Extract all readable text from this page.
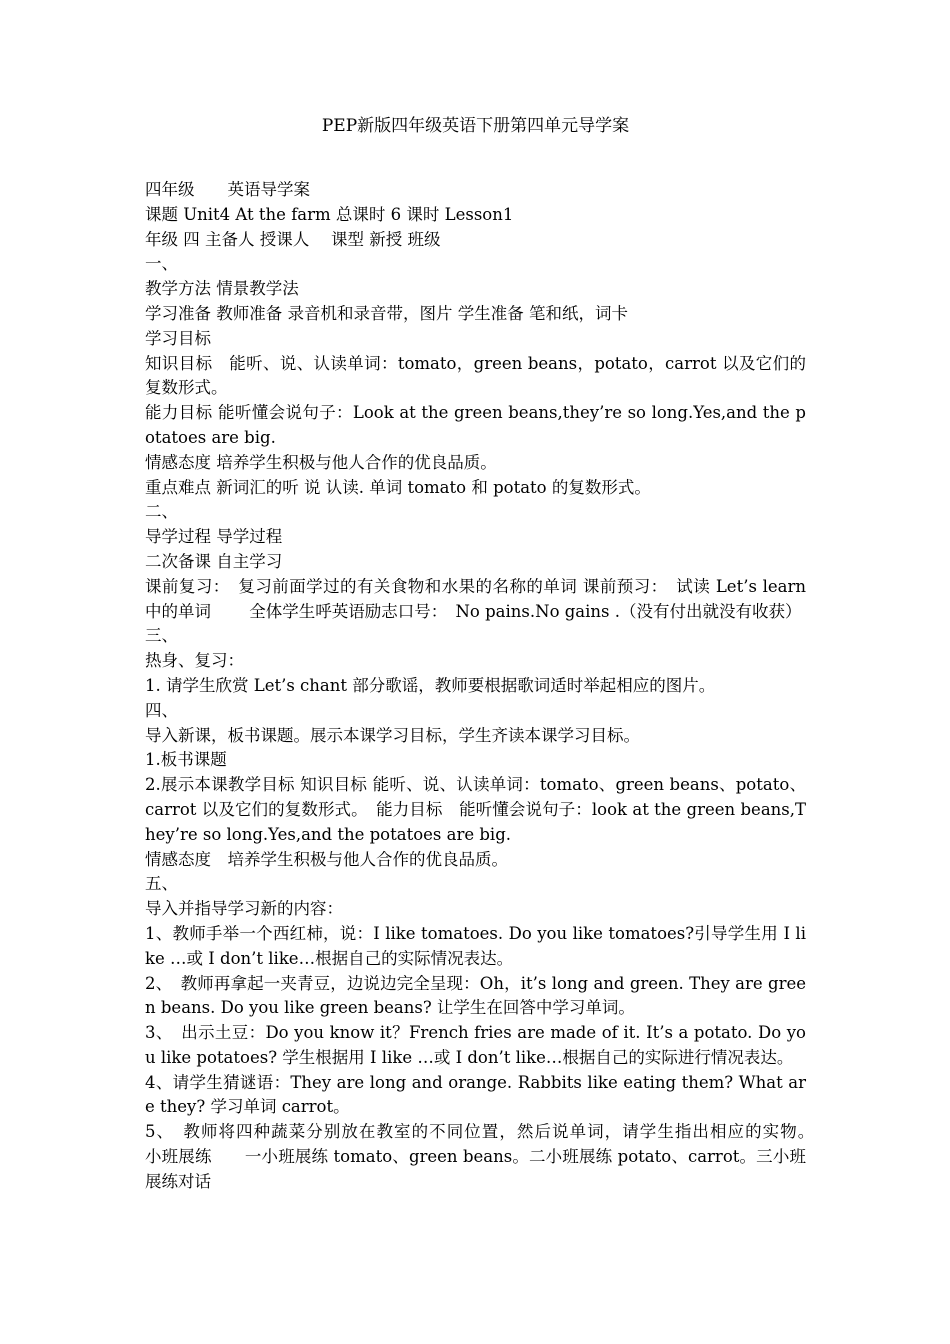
PEP新版四年级英语下册第四单元导学案

四年级　　英语导学案

课题 Unit4 At the farm 总课时 6 课时 Lesson1

年级 四 主备人 授课人　 课型 新授 班级

一、

教学方法 情景教学法

学习准备 教师准备 录音机和录音带，图片 学生准备 笔和纸，词卡

学习目标

知识目标　能听、说、认读单词：tomato，green beans，potato，carrot 以及它们的复数形式。

能力目标 能听懂会说句子：Look at the green beans,they’re so long.Yes,and the potatoes are big.

情感态度 培养学生积极与他人合作的优良品质。

重点难点 新词汇的听 说 认读. 单词 tomato 和 potato 的复数形式。

二、

导学过程 导学过程

二次备课 自主学习

课前复习：　复习前面学过的有关食物和水果的名称的单词 课前预习：　试读 Let’s learn 中的单词　　 全体学生呼英语励志口号：　No pains.No gains .（没有付出就没有收获）

三、

热身、复习：

1. 请学生欣赏 Let’s chant 部分歌谣，教师要根据歌词适时举起相应的图片。

四、

导入新课，板书课题。展示本课学习目标，学生齐读本课学习目标。

1.板书课题

2.展示本课教学目标 知识目标 能听、说、认读单词：tomato、green beans、potato、carrot 以及它们的复数形式。　能力目标　能听懂会说句子：look at the green beans,They’re so long.Yes,and the potatoes are big.

情感态度　培养学生积极与他人合作的优良品质。

五、

导入并指导学习新的内容：

1、教师手举一个西红柿，说：I like tomatoes. Do you like tomatoes?引导学生用 I like …或 I don’t like…根据自己的实际情况表达。

2、　教师再拿起一夹青豆，边说边完全呈现：Oh，it’s long and green. They are green beans. Do you like green beans? 让学生在回答中学习单词。

3、　出示土豆：Do you know it？French fries are made of it. It’s a potato. Do you like potatoes? 学生根据用 I like …或 I don’t like…根据自己的实际进行情况表达。

4、请学生猜谜语：They are long and orange. Rabbits like eating them? What are they? 学习单词 carrot。

5、　教师将四种蔬菜分别放在教室的不同位置，然后说单词，请学生指出相应的实物。　　小班展练　　一小班展练 tomato、green beans。二小班展练 potato、carrot。三小班展练对话
